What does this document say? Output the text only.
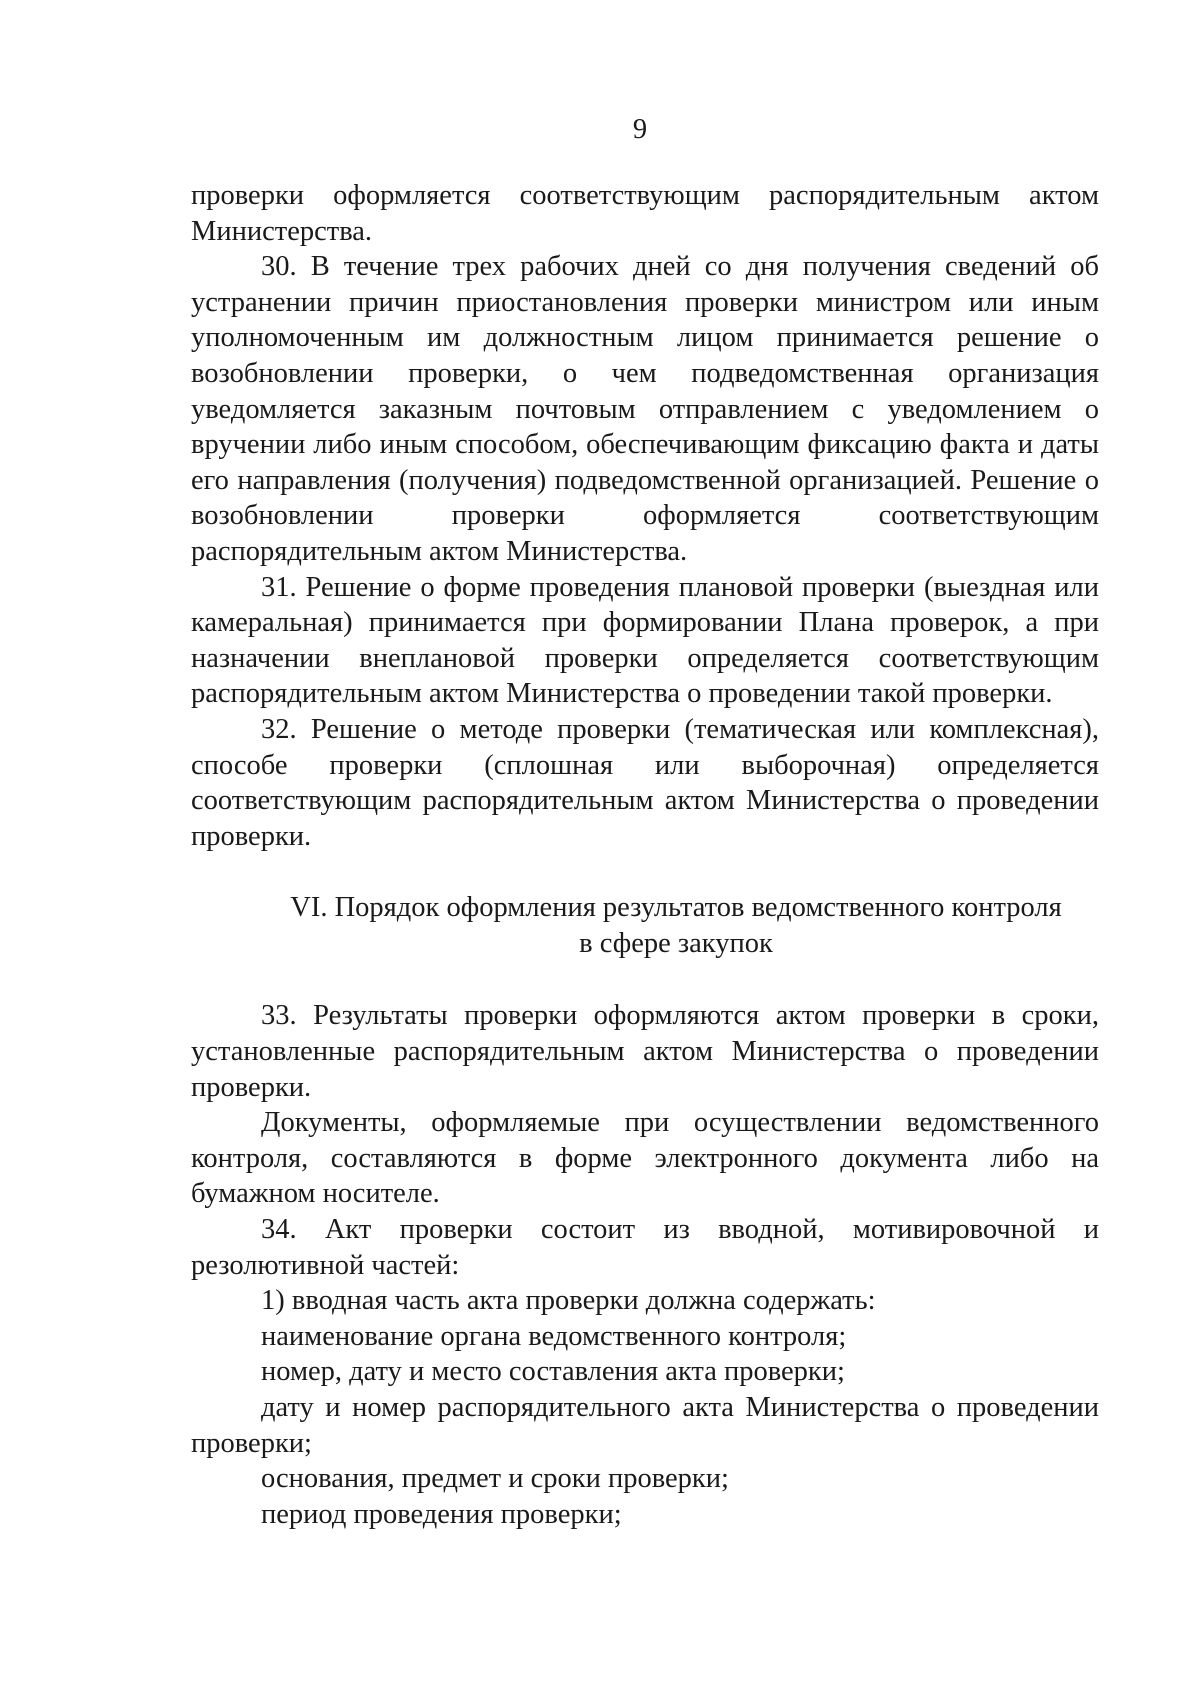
9

проверки оформляется соответствующим распорядительным актом Министерства.

30. В течение трех рабочих дней со дня получения сведений об устранении причин приостановления проверки министром или иным уполномоченным им должностным лицом принимается решение о возобновлении проверки, о чем подведомственная организация уведомляется заказным почтовым отправлением с уведомлением о вручении либо иным способом, обеспечивающим фиксацию факта и даты его направления (получения) подведомственной организацией. Решение о возобновлении проверки оформляется соответствующим распорядительным актом Министерства.

31. Решение о форме проведения плановой проверки (выездная или камеральная) принимается при формировании Плана проверок, а при назначении внеплановой проверки определяется соответствующим распорядительным актом Министерства о проведении такой проверки.

32. Решение о методе проверки (тематическая или комплексная), способе проверки (сплошная или выборочная) определяется соответствующим распорядительным актом Министерства о проведении проверки.

VI. Порядок оформления результатов ведомственного контроля

в сфере закупок

33. Результаты проверки оформляются актом проверки в сроки, установленные распорядительным актом Министерства о проведении проверки.

Документы, оформляемые при осуществлении ведомственного контроля, составляются в форме электронного документа либо на бумажном носителе.

34. Акт проверки состоит из вводной, мотивировочной и резолютивной частей:

1) вводная часть акта проверки должна содержать:

наименование органа ведомственного контроля;

номер, дату и место составления акта проверки;

дату и номер распорядительного акта Министерства о проведении проверки;

основания, предмет и сроки проверки;

период проведения проверки;
